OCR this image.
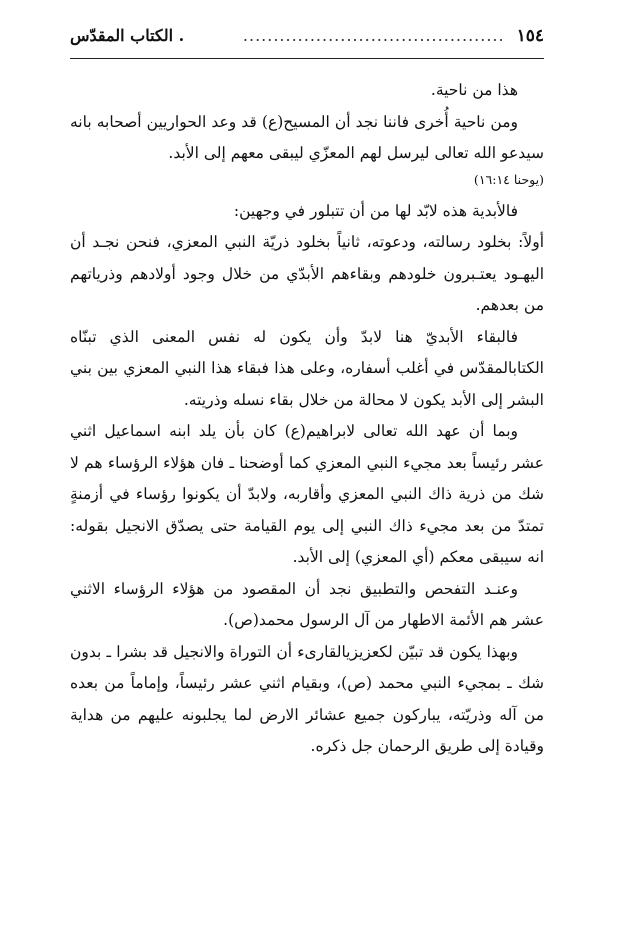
١٥٤
...........................................
. الكتاب المقدّس

هذا من ناحية.

ومن ناحية أُخرى فاننا نجد أن المسيح(ع) قد وعد الحواريين أصحابه بانه سيدعو الله تعالى ليرسل لهم المعزّي ليبقى معهم إلى الأبد.

(يوحنا ١٦:١٤)

فالأبدية هذه لابّد لها من أن تتبلور في وجهين:

أولاً: بخلود رسالته، ودعوته، ثانياً بخلود ذريّة النبي المعزي، فنحن نجـد أن اليهـود يعتـبرون خلودهم وبقاءهم الأبدّي من خلال وجود أولادهم وذرياتهم من بعدهم.

فالبقاء الأبديّ هنا لابدّ وأن يكون له نفس المعنى الذي تبنّاه الكتابالمقدّس في أغلب أسفاره، وعلى هذا فبقاء هذا النبي المعزي بين بني البشر إلى الأبد يكون لا محالة من خلال بقاء نسله وذريته.

وبما أن عهد الله تعالى لابراهيم(ع) كان بأن يلد ابنه اسماعيل اثني عشر رئيساً بعد مجيء النبي المعزي كما أوضحنا ـ فان هؤلاء الرؤساء هم لا شك من ذرية ذاك النبي المعزي وأقاربه، ولابدّ أن يكونوا رؤساء في أزمنةٍ تمتدّ من بعد مجيء ذاك النبي إلى يوم القيامة حتى يصدّق الانجيل بقوله: انه سيبقى معكم (أي المعزي) إلى الأبد.

وعنـد التفحص والتطبيق نجد أن المقصود من هؤلاء الرؤساء الاثني عشر هم الأئمة الاطهار من آل الرسول محمد(ص).

وبهذا يكون قد تبيّن لكعزيزيالقارىء أن التوراة والانجيل قد بشرا ـ بدون شك ـ بمجيء النبي محمد (ص)، وبقيام اثني عشر رئيساً، وإماماً من بعده من آله وذريّته، يباركون جميع عشائر الارض لما يجلبونه عليهم من هداية وقيادة إلى طريق الرحمان جل ذكره.
